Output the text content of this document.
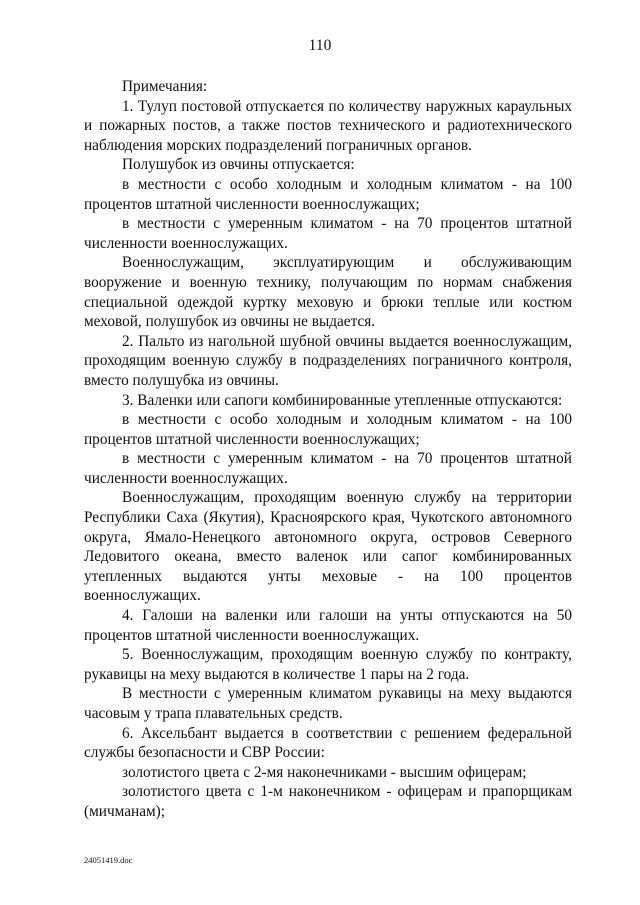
110

Примечания:

1. Тулуп постовой отпускается по количеству наружных караульных и пожарных постов, а также постов технического и радиотехнического наблюдения морских подразделений пограничных органов.

Полушубок из овчины отпускается:

в местности с особо холодным и холодным климатом - на 100 процентов штатной численности военнослужащих;

в местности с умеренным климатом - на 70 процентов штатной численности военнослужащих.

Военнослужащим, эксплуатирующим и обслуживающим вооружение и военную технику, получающим по нормам снабжения специальной одеждой куртку меховую и брюки теплые или костюм меховой, полушубок из овчины не выдается.

2. Пальто из нагольной шубной овчины выдается военнослужащим, проходящим военную службу в подразделениях пограничного контроля, вместо полушубка из овчины.

3. Валенки или сапоги комбинированные утепленные отпускаются:

в местности с особо холодным и холодным климатом - на 100 процентов штатной численности военнослужащих;

в местности с умеренным климатом - на 70 процентов штатной численности военнослужащих.

Военнослужащим, проходящим военную службу на территории Республики Саха (Якутия), Красноярского края, Чукотского автономного округа, Ямало-Ненецкого автономного округа, островов Северного Ледовитого океана, вместо валенок или сапог комбинированных утепленных выдаются унты меховые - на 100 процентов военнослужащих.

4. Галоши на валенки или галоши на унты отпускаются на 50 процентов штатной численности военнослужащих.

5. Военнослужащим, проходящим военную службу по контракту, рукавицы на меху выдаются в количестве 1 пары на 2 года.

В местности с умеренным климатом рукавицы на меху выдаются часовым у трапа плавательных средств.

6. Аксельбант выдается в соответствии с решением федеральной службы безопасности и СВР России:

золотистого цвета с 2-мя наконечниками - высшим офицерам;

золотистого цвета с 1-м наконечником - офицерам и прапорщикам (мичманам);

24051419.doc
